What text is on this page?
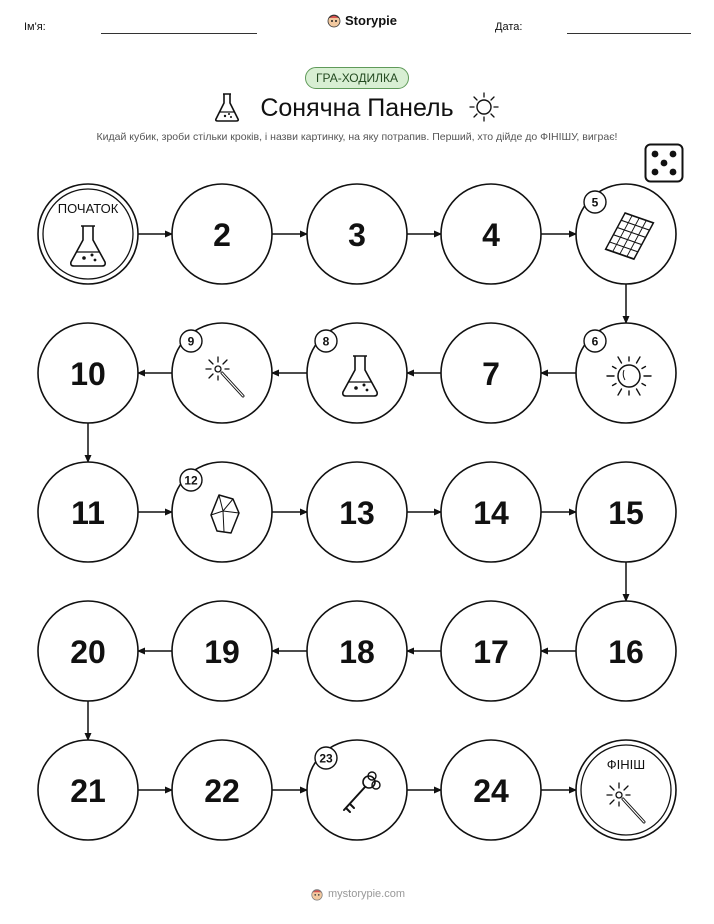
Ім'я:	Дата:
Storypie
ГРА-ХОДИЛКА
Сонячна Панель
Кидай кубик, зроби стільки кроків, і назви картинку, на яку потрапив. Перший, хто дійде до ФІНІШУ, виграє!
ПОЧАТОК
2	3	4
5
6
7
8
9
10
11
12
13	14	15
16
17
18
19
20
21	22
23
24
ФІНІШ
mystorypie.com
